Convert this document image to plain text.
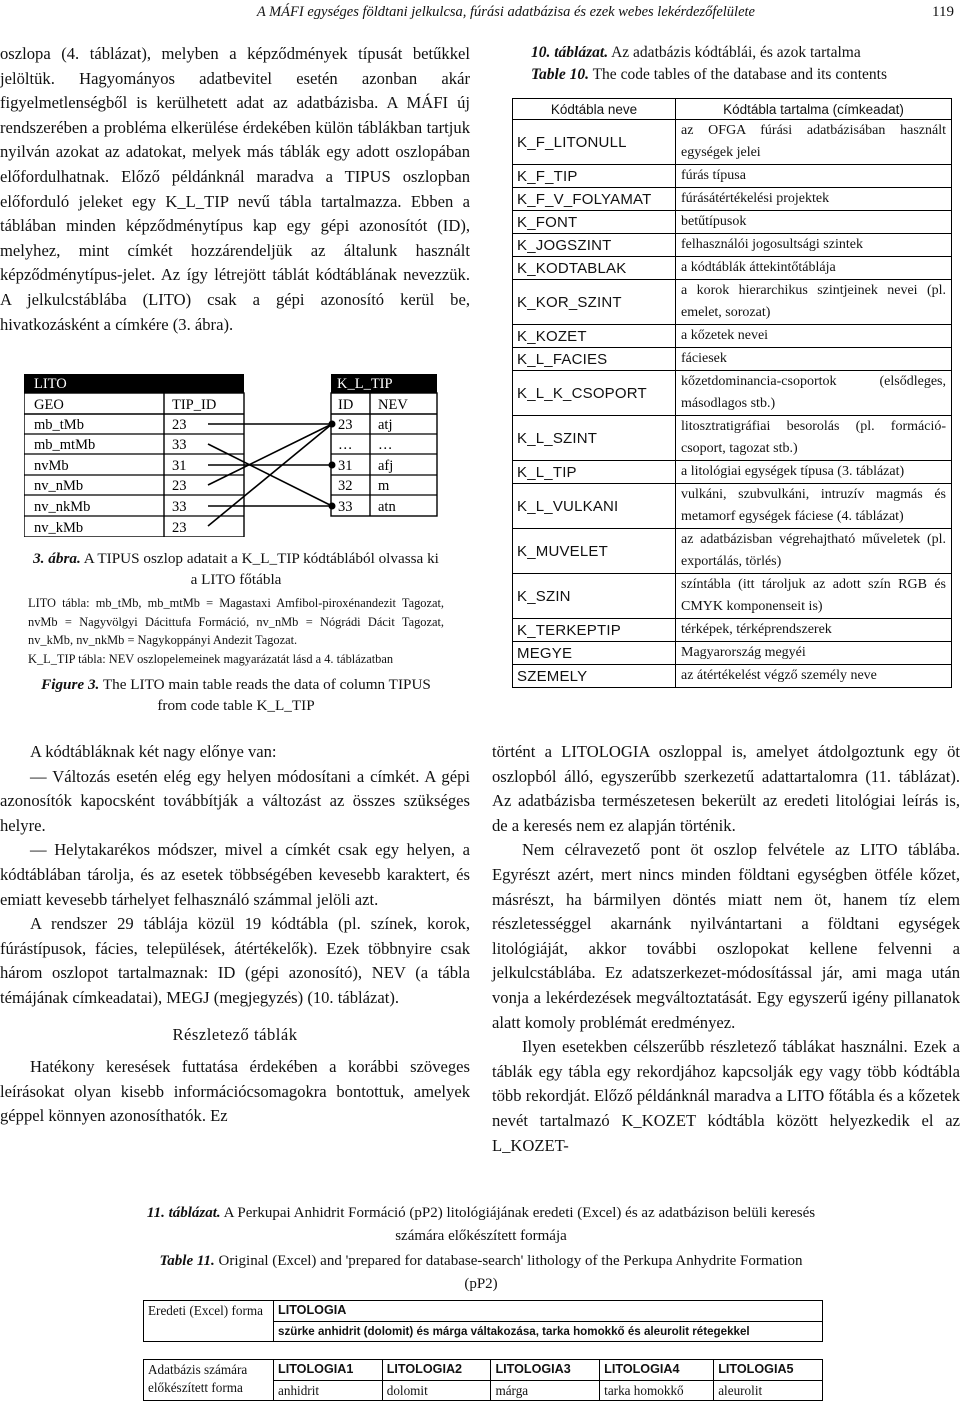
A MÁFI egységes földtani jelkulcsa, fúrási adatbázisa és ezek webes lekérdezőfelülete	119

oszlopa (4. táblázat), melyben a képződmények típusát betűkkel jelöltük. Hagyományos adatbevitel esetén azonban akár figyelmetlenségből is kerülhetett adat az adatbázisba. A MÁFI új rendszerében a probléma elkerülése érdekében külön táblákban tartjuk nyilván azokat az adatokat, melyek más táblák egy adott oszlopában előfordulhatnak. Előző példánknál maradva a TIPUS oszlopban előforduló jeleket egy K_L_TIP nevű tábla tartalmazza. Ebben a táblában minden képződménytípus kap egy gépi azonosítót (ID), melyhez, mint címkét hozzárendeljük az általunk használt képződménytípus-jelet. Az így létrejött táblát kódtáblának nevezzük. A jelkulcstáblába (LITO) csak a gépi azonosító kerül be, hivatkozásként a címkére (3. ábra).

LITO
GEO	TIP_ID
mb_tMb	23
mb_mtMb	33
nvMb	31
nv_nMb	23
nv_nkMb	33
nv_kMb	23
K_L_TIP
ID NEV
23 atj
… …
31 afj
32 m
33 atn
3. ábra. A TIPUS oszlop adatait a K_L_TIP kódtáblából olvassa ki a LITO főtábla
LITO tábla: mb_tMb, mb_mtMb = Magastaxi Amfibol-piroxénandezit Tagozat, nvMb = Nagyvölgyi Dácittufa Formáció, nv_nMb = Nógrádi Dácit Tagozat, nv_kMb, nv_nkMb = Nagykoppányi Andezit Tagozat.
K_L_TIP tábla: NEV oszlopelemeinek magyarázatát lásd a 4. táblázatban
Figure 3. The LITO main table reads the data of column TIPUS from code table K_L_TIP
10. táblázat. Az adatbázis kódtáblái, és azok tartalma
Table 10. The code tables of the database and its contents
Kódtábla neve	Kódtábla tartalma (címkeadat)
K_F_LITONULL	az OFGA fúrási adatbázisában használt egységek jelei
K_F_TIP	fúrás típusa
K_F_V_FOLYAMAT	fúrásátértékelési projektek
K_FONT	betűtípusok
K_JOGSZINT	felhasználói jogosultsági szintek
K_KODTABLAK	a kódtáblák áttekintőtáblája
K_KOR_SZINT	a korok hierarchikus szintjeinek nevei (pl. emelet, sorozat)
K_KOZET	a kőzetek nevei
K_L_FACIES	fáciesek
K_L_K_CSOPORT	kőzetdominancia-csoportok (elsődleges, másodlagos stb.)
K_L_SZINT	litosztratigráfiai besorolás (pl. formáció-csoport, tagozat stb.)
K_L_TIP	a litológiai egységek típusa (3. táblázat)
K_L_VULKANI	vulkáni, szubvulkáni, intruzív magmás és metamorf egységek fáciese (4. táblázat)
K_MUVELET	az adatbázisban végrehajtható műveletek (pl. exportálás, törlés)
K_SZIN	színtábla (itt tároljuk az adott szín RGB és CMYK komponenseit is)
K_TERKEPTIP	térképek, térképrendszerek
MEGYE	Magyarország megyéi
SZEMELY	az átértékelést végző személy neve

A kódtábláknak két nagy előnye van:

— Változás esetén elég egy helyen módosítani a címkét. A gépi azonosítók kapocsként továbbítják a változást az összes szükséges helyre.

— Helytakarékos módszer, mivel a címkét csak egy helyen, a kódtáblában tárolja, és az esetek többségében kevesebb karaktert, és emiatt kevesebb tárhelyet felhasználó számmal jelöli azt.

A rendszer 29 táblája közül 19 kódtábla (pl. színek, korok, fúrástípusok, fácies, települések, átértékelők). Ezek többnyire csak három oszlopot tartalmaznak: ID (gépi azonosító), NEV (a tábla témájának címkeadatai), MEGJ (megjegyzés) (10. táblázat).

Részletező táblák

Hatékony keresések futtatása érdekében a korábbi szöveges leírásokat olyan kisebb információcsomagokra bontottuk, amelyek géppel könnyen azonosíthatók. Ez

történt a LITOLOGIA oszloppal is, amelyet átdolgoztunk egy öt oszlopból álló, egyszerűbb szerkezetű adattartalomra (11. táblázat). Az adatbázisba természetesen bekerült az eredeti litológiai leírás is, de a keresés nem ez alapján történik.

Nem célravezető pont öt oszlop felvétele az LITO táblába. Egyrészt azért, mert nincs minden földtani egységben ötféle kőzet, másrészt, ha bármilyen döntés miatt nem öt, hanem tíz elem részletességgel akarnánk nyilvántartani a földtani egységek litológiáját, akkor további oszlopokat kellene felvenni a jelkulcstáblába. Ez adatszerkezet-módosítással jár, ami maga után vonja a lekérdezések megváltoztatását. Egy egyszerű igény pillanatok alatt komoly problémát eredményez.

Ilyen esetekben célszerűbb részletező táblákat használni. Ezek a táblák egy tábla egy rekordjához kapcsolják egy vagy több kódtábla több rekordját. Előző példánknál maradva a LITO főtábla és a kőzetek nevét tartalmazó K_KOZET kódtábla között helyezkedik el az L_KOZET-

11. táblázat. A Perkupai Anhidrit Formáció (pP2) litológiájának eredeti (Excel) és az adatbázison belüli keresés számára előkészített formája
Table 11. Original (Excel) and 'prepared for database-search' lithology of the Perkupa Anhydrite Formation (pP2)
Eredeti (Excel) forma	LITOLOGIA				
	szürke anhidrit (dolomit) és márga váltakozása, tarka homokkő és aleurolit rétegekkel				

Adatbázis számára előkészített forma	LITOLOGIA1	LITOLOGIA2	LITOLOGIA3	LITOLOGIA4	LITOLOGIA5
	anhidrit	dolomit	márga	tarka homokkő	aleurolit
